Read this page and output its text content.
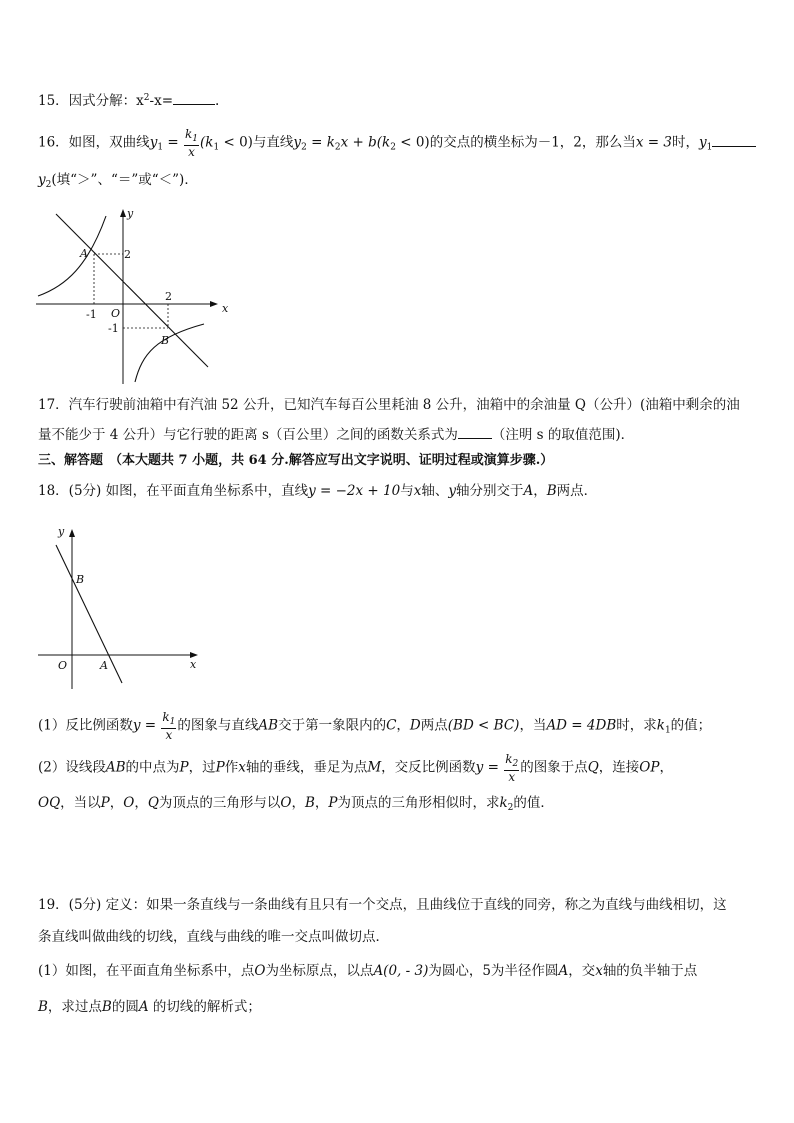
15．因式分解：$x^2-x=$	.
16．如图，双曲线$y_1 = \frac{k_1}{x} (k_1 < 0)$与直线$y_2 = k_2x + b(k_2 < 0)$的交点的横坐标为－1，2，那么当x = 3时，$y_1$
$y_2$(填“＞”、“＝”或“＜”)．
y
x
O
A
B
2
2
-1
-1
17．汽车行驶前油箱中有汽油 52 公升，已知汽车每百公里耗油 8 公升，油箱中的余油量 Q（公升）(油箱中剩余的油
量不能少于 4 公升）与它行驶的距离 s（百公里）之间的函数关系式为	（注明 s 的取值范围)．
三、解答题 （本大题共 7 小题，共 64 分.解答应写出文字说明、证明过程或演算步骤.）
18．(5分) 如图，在平面直角坐标系中，直线y = −2x + 10与x轴、y轴分别交于A，B两点．
y
x
O	A
B
(1）反比例函数$y = \frac{k_1}{x}$ 的图象与直线AB交于第一象限内的C，D两点(BD < BC)，当AD = 4DB时，求$k_1$的值；
(2）设线段AB的中点为P，过P作x轴的垂线，垂足为点M，交反比例函数$y = \frac{k_2}{x}$ 的图象于点Q，连接OP，
OQ，当以P，O，Q为顶点的三角形与以O，B，P为顶点的三角形相似时，求$k_2$的值．
19．(5分) 定义：如果一条直线与一条曲线有且只有一个交点，且曲线位于直线的同旁，称之为直线与曲线相切，这
条直线叫做曲线的切线，直线与曲线的唯一交点叫做切点．
(1）如图，在平面直角坐标系中，点O为坐标原点，以点A(0, - 3)为圆心，5为半径作圆A，交x轴的负半轴于点
B，求过点B的圆A 的切线的解析式；
